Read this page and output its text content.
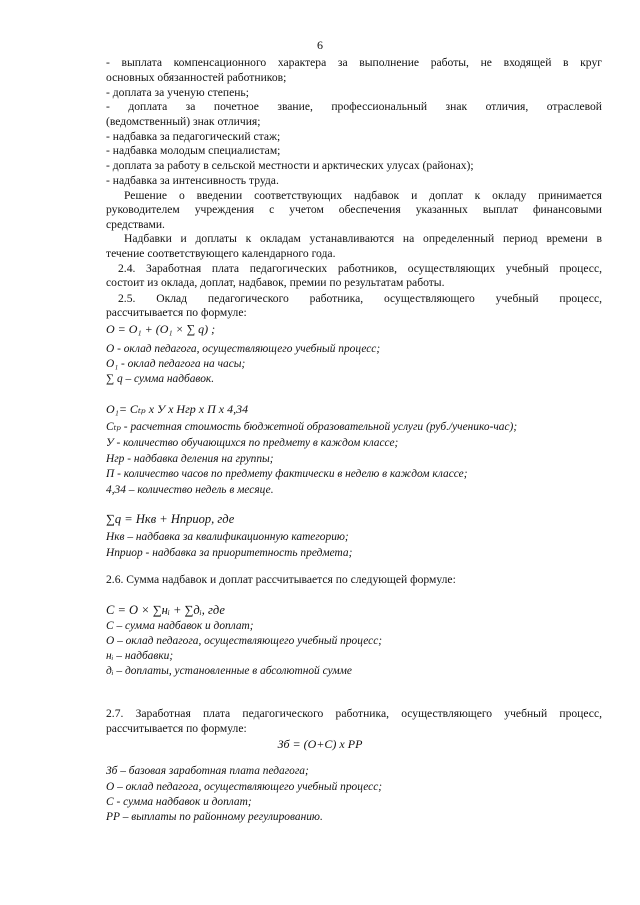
6
- выплата компенсационного характера за выполнение работы, не входящей в круг
основных обязанностей работников;
- доплата за ученую степень;
- доплата за почетное звание, профессиональный знак отличия, отраслевой
(ведомственный) знак отличия;
- надбавка за педагогический стаж;
- надбавка молодым специалистам;
- доплата за работу в сельской местности и арктических улусах (районах);
- надбавка за интенсивность труда.
Решение о введении соответствующих надбавок и доплат к окладу принимается
руководителем учреждения с учетом обеспечения указанных выплат финансовыми
средствами.
Надбавки и доплаты к окладам устанавливаются на определенный период времени в
течение соответствующего календарного года.
2.4. Заработная плата педагогических работников, осуществляющих учебный процесс,
состоит из оклада, доплат, надбавок, премии по результатам работы.
2.5. Оклад педагогического работника, осуществляющего учебный процесс,
рассчитывается по формуле:
O = O₁ + (O₁ × ∑ q) ;
О - оклад педагога, осуществляющего учебный процесс;
О₁ - оклад педагога на часы;
∑ q – сумма надбавок.
О₁= Сₜₚ х У х Нгр х П х 4,34
Сₜₚ - расчетная стоимость бюджетной образовательной услуги (руб./ученико-час);
У - количество обучающихся по предмету в каждом классе;
Нгр - надбавка деления на группы;
П - количество часов по предмету фактически в неделю в каждом классе;
4,34 – количество недель в месяце.
∑q = Нкв + Нприор, где
Нкв – надбавка за квалификационную категорию;
Нприор - надбавка за приоритетность предмета;
2.6. Сумма надбавок и доплат рассчитывается по следующей формуле:
С = О × ∑нᵢ + ∑дᵢ, где
С – сумма надбавок и доплат;
О – оклад педагога, осуществляющего учебный процесс;
нᵢ – надбавки;
дᵢ – доплаты, установленные в абсолютной сумме
2.7. Заработная плата педагогического работника, осуществляющего учебный процесс,
рассчитывается по формуле:
Зб = (О+С) х РР
Зб – базовая заработная плата педагога;
О – оклад педагога, осуществляющего учебный процесс;
С - сумма надбавок и доплат;
РР – выплаты по районному регулированию.
